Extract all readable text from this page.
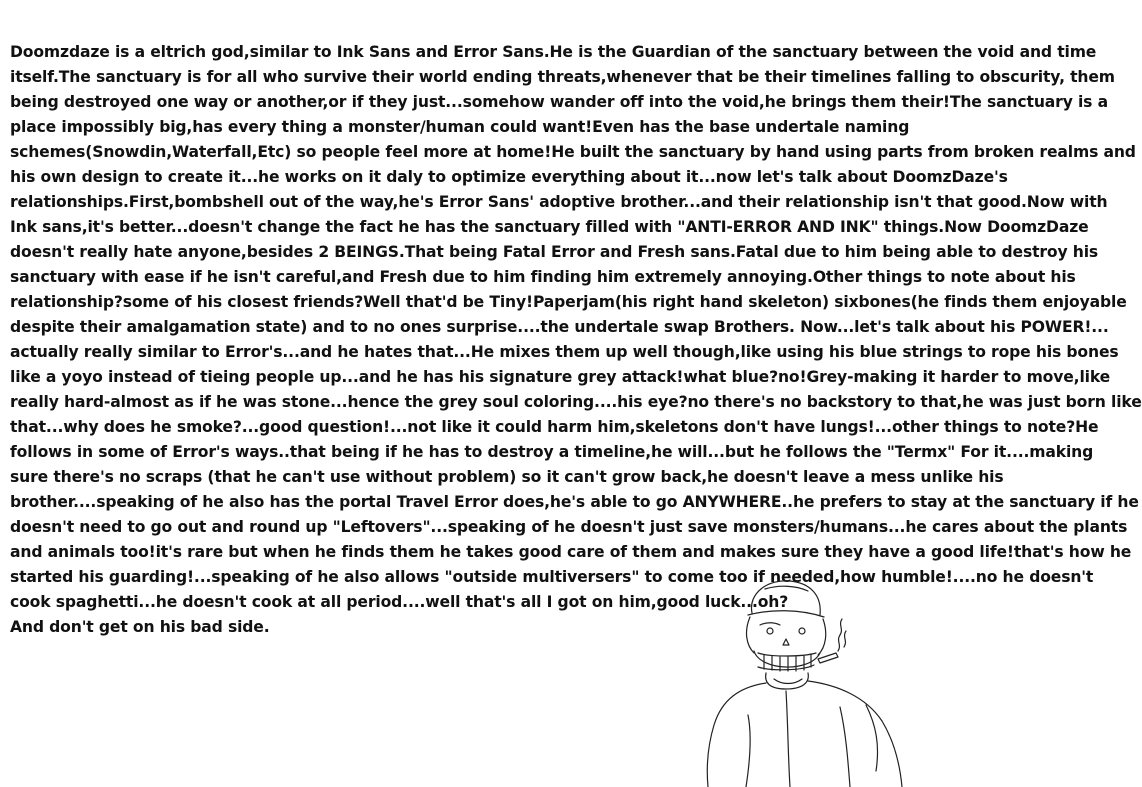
Doomzdaze is a eltrich god,similar to Ink Sans and Error Sans.He is the Guardian of the sanctuary between the void and time
itself.The sanctuary is for all who survive their world ending threats,whenever that be their timelines falling to obscurity, them
being destroyed one way or another,or if they just...somehow wander off into the void,he brings them their!The sanctuary is a
place impossibly big,has every thing a monster/human could want!Even has the base undertale naming
schemes(Snowdin,Waterfall,Etc) so people feel more at home!He built the sanctuary by hand using parts from broken realms and
his own design to create it...he works on it daly to optimize everything about it...now let's talk about DoomzDaze's
relationships.First,bombshell out of the way,he's Error Sans' adoptive brother...and their relationship isn't that good.Now with
Ink sans,it's better...doesn't change the fact he has the sanctuary filled with "ANTI-ERROR AND INK" things.Now DoomzDaze
doesn't really hate anyone,besides 2 BEINGS.That being Fatal Error and Fresh sans.Fatal due to him being able to destroy his
sanctuary with ease if he isn't careful,and Fresh due to him finding him extremely annoying.Other things to note about his
relationship?some of his closest friends?Well that'd be Tiny!Paperjam(his right hand skeleton) sixbones(he finds them enjoyable
despite their amalgamation state) and to no ones surprise....the undertale swap Brothers. Now...let's talk about his POWER!...
actually really similar to Error's...and he hates that...He mixes them up well though,like using his blue strings to rope his bones
like a yoyo instead of tieing people up...and he has his signature grey attack!what blue?no!Grey-making it harder to move,like
really hard-almost as if he was stone...hence the grey soul coloring....his eye?no there's no backstory to that,he was just born like
that...why does he smoke?...good question!...not like it could harm him,skeletons don't have lungs!...other things to note?He
follows in some of Error's ways..that being if he has to destroy a timeline,he will...but he follows the "Termx" For it....making
sure there's no scraps (that he can't use without problem) so it can't grow back,he doesn't leave a mess unlike his
brother....speaking of he also has the portal Travel Error does,he's able to go ANYWHERE..he prefers to stay at the sanctuary if he
doesn't need to go out and round up "Leftovers"...speaking of he doesn't just save monsters/humans...he cares about the plants
and animals too!it's rare but when he finds them he takes good care of them and makes sure they have a good life!that's how he
started his guarding!...speaking of he also allows "outside multiversers" to come too if needed,how humble!....no he doesn't
cook spaghetti...he doesn't cook at all period....well that's all I got on him,good luck...oh?
And don't get on his bad side.
